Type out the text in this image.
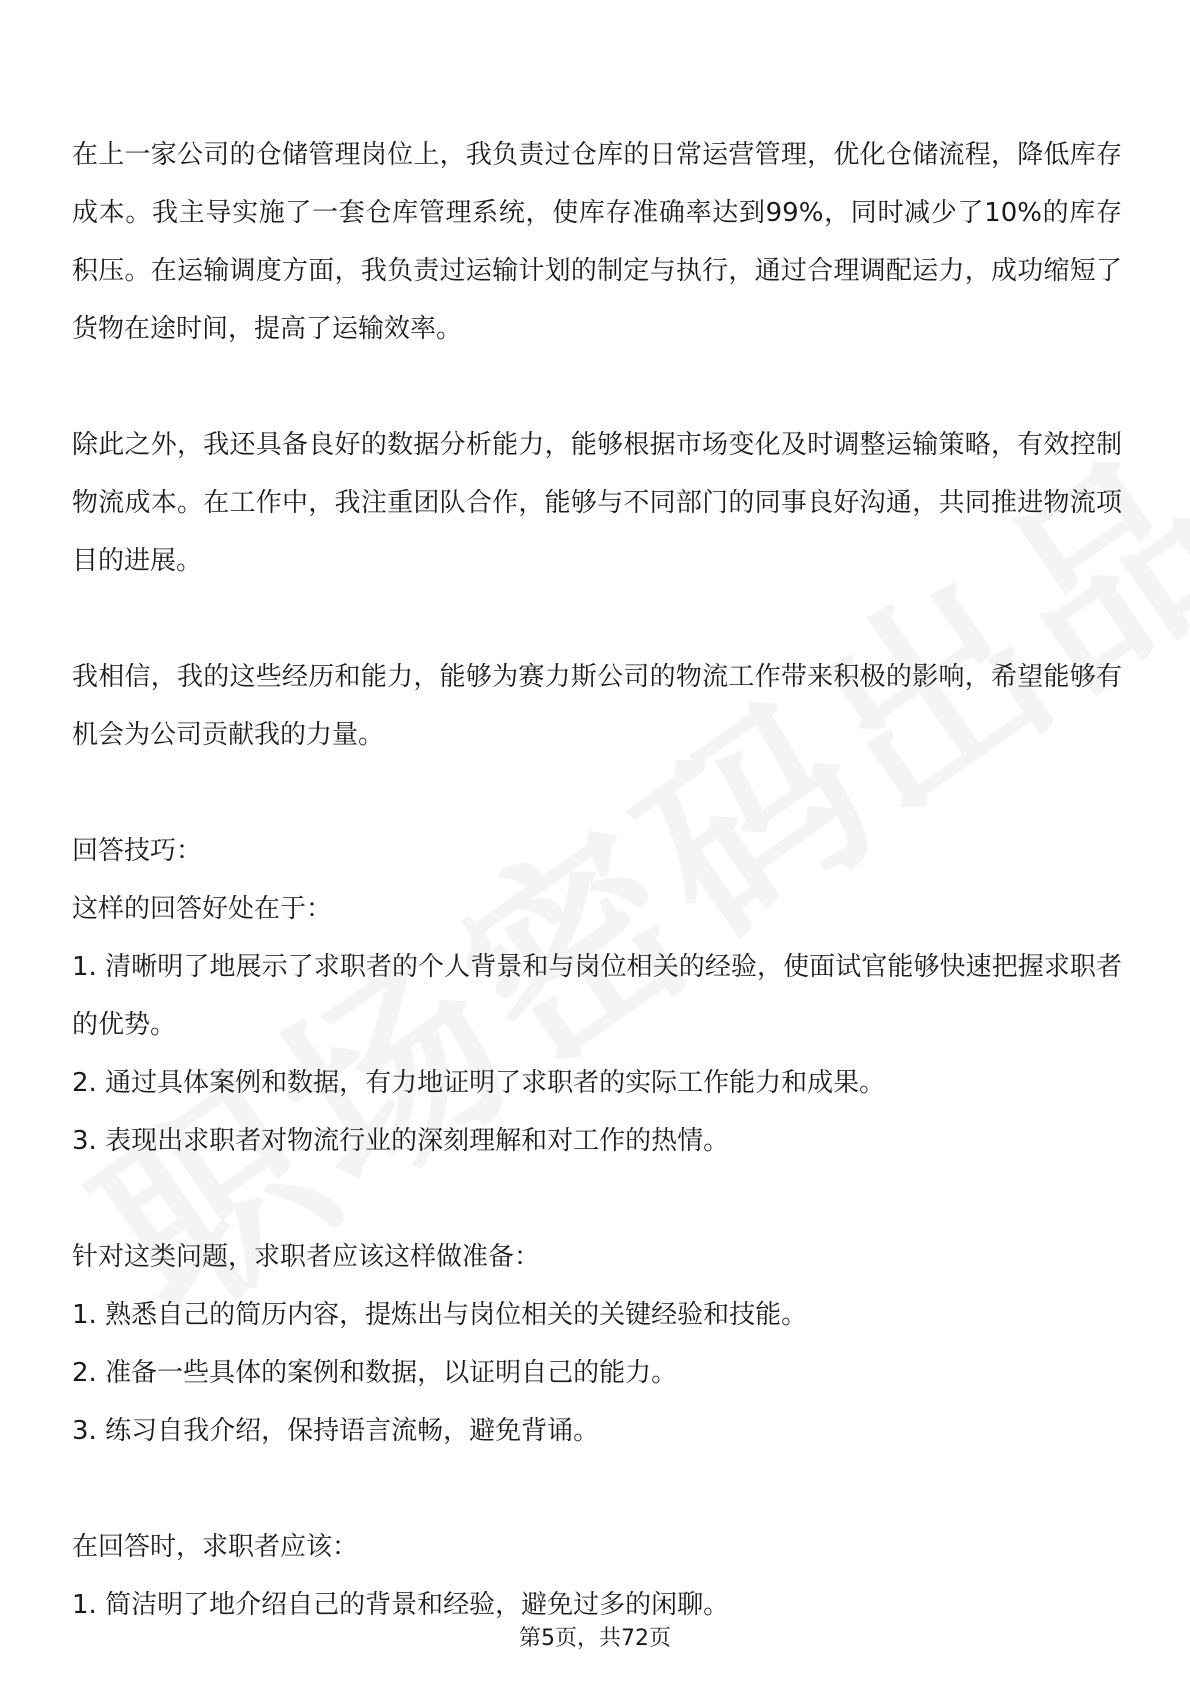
在上一家公司的仓储管理岗位上，我负责过仓库的日常运营管理，优化仓储流程，降低库存成本。我主导实施了一套仓库管理系统，使库存准确率达到99%，同时减少了10%的库存积压。在运输调度方面，我负责过运输计划的制定与执行，通过合理调配运力，成功缩短了货物在途时间，提高了运输效率。

除此之外，我还具备良好的数据分析能力，能够根据市场变化及时调整运输策略，有效控制物流成本。在工作中，我注重团队合作，能够与不同部门的同事良好沟通，共同推进物流项目的进展。

我相信，我的这些经历和能力，能够为赛力斯公司的物流工作带来积极的影响，希望能够有机会为公司贡献我的力量。

回答技巧：

这样的回答好处在于：

1. 清晰明了地展示了求职者的个人背景和与岗位相关的经验，使面试官能够快速把握求职者的优势。

2. 通过具体案例和数据，有力地证明了求职者的实际工作能力和成果。

3. 表现出求职者对物流行业的深刻理解和对工作的热情。

针对这类问题，求职者应该这样做准备：

1. 熟悉自己的简历内容，提炼出与岗位相关的关键经验和技能。

2. 准备一些具体的案例和数据，以证明自己的能力。

3. 练习自我介绍，保持语言流畅，避免背诵。

在回答时，求职者应该：

1. 简洁明了地介绍自己的背景和经验，避免过多的闲聊。

第5页，共72页
